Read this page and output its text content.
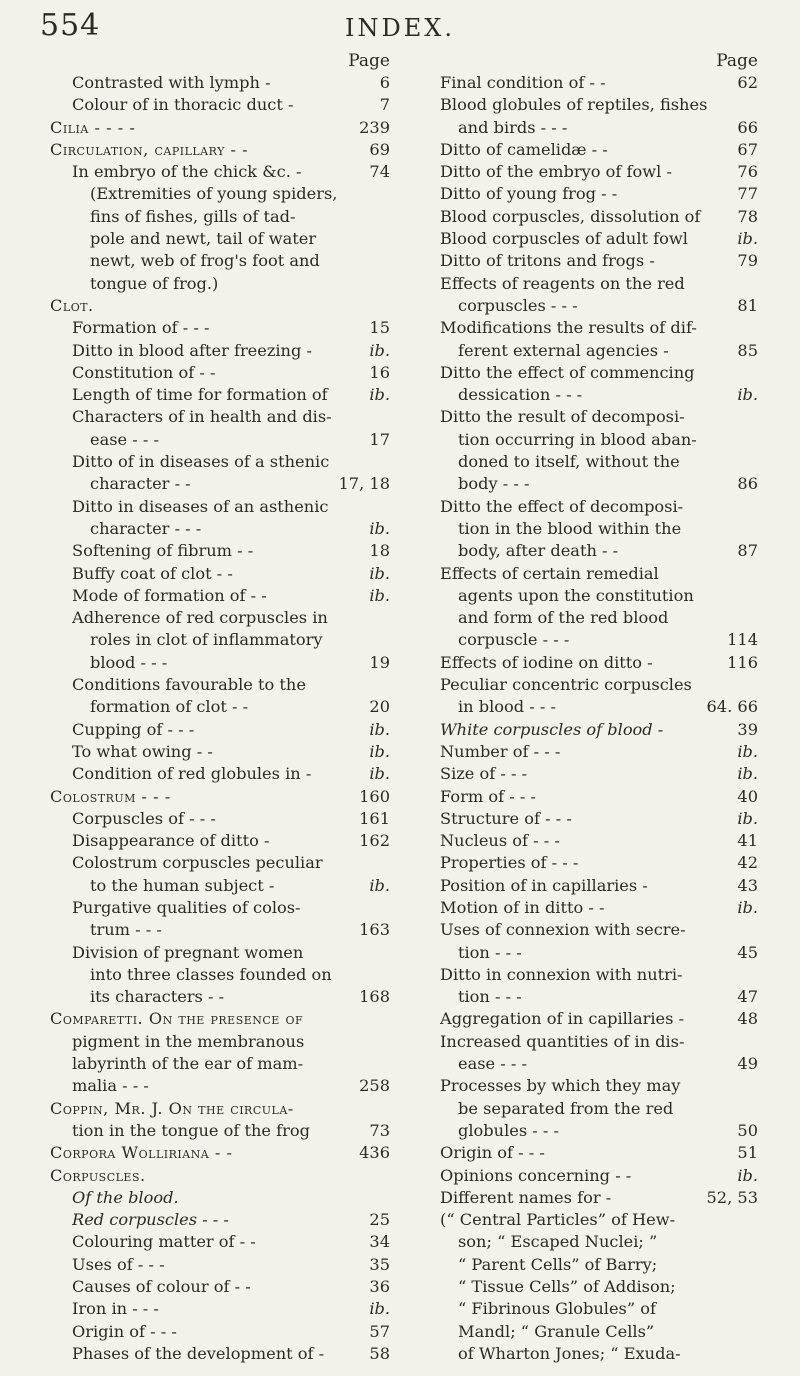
554	INDEX.
Page
Contrasted with lymph -	6
Colour of in thoracic duct -	7
Cilia - - - -	239
Circulation, capillary - -	69
In embryo of the chick &c. -	74
(Extremities of young spiders,
fins of fishes, gills of tad-
pole and newt, tail of water
newt, web of frog's foot and
tongue of frog.)
Clot.
Formation of - - -	15
Ditto in blood after freezing -	ib.
Constitution of - -	16
Length of time for formation of	ib.
Characters of in health and dis-
ease - - -	17
Ditto of in diseases of a sthenic
character - -	17, 18
Ditto in diseases of an asthenic
character - - -	ib.
Softening of fibrum - -	18
Buffy coat of clot - -	ib.
Mode of formation of - -	ib.
Adherence of red corpuscles in
roles in clot of inflammatory
blood - - -	19
Conditions favourable to the
formation of clot - -	20
Cupping of - - -	ib.
To what owing - -	ib.
Condition of red globules in -	ib.
Colostrum - - -	160
Corpuscles of - - -	161
Disappearance of ditto -	162
Colostrum corpuscles peculiar
to the human subject -	ib.
Purgative qualities of colos-
trum - - -	163
Division of pregnant women
into three classes founded on
its characters - -	168
Comparetti. On the presence of
pigment in the membranous
labyrinth of the ear of mam-
malia - - -	258
Coppin, Mr. J. On the circula-
tion in the tongue of the frog	73
Corpora Wolliriana - -	436
Corpuscles.
Of the blood.
Red corpuscles - - -	25
Colouring matter of - -	34
Uses of - - -	35
Causes of colour of - -	36
Iron in - - -	ib.
Origin of - - -	57
Phases of the development of -	58
Page
Final condition of - -	62
Blood globules of reptiles, fishes
and birds - - -	66
Ditto of camelidæ - -	67
Ditto of the embryo of fowl -	76
Ditto of young frog - -	77
Blood corpuscles, dissolution of	78
Blood corpuscles of adult fowl	ib.
Ditto of tritons and frogs -	79
Effects of reagents on the red
corpuscles - - -	81
Modifications the results of dif-
ferent external agencies -	85
Ditto the effect of commencing
dessication - - -	ib.
Ditto the result of decomposi-
tion occurring in blood aban-
doned to itself, without the
body - - -	86
Ditto the effect of decomposi-
tion in the blood within the
body, after death - -	87
Effects of certain remedial
agents upon the constitution
and form of the red blood
corpuscle - - -	114
Effects of iodine on ditto -	116
Peculiar concentric corpuscles
in blood - - -	64. 66
White corpuscles of blood -	39
Number of - - -	ib.
Size of - - -	ib.
Form of - - -	40
Structure of - - -	ib.
Nucleus of - - -	41
Properties of - - -	42
Position of in capillaries -	43
Motion of in ditto - -	ib.
Uses of connexion with secre-
tion - - -	45
Ditto in connexion with nutri-
tion - - -	47
Aggregation of in capillaries -	48
Increased quantities of in dis-
ease - - -	49
Processes by which they may
be separated from the red
globules - - -	50
Origin of - - -	51
Opinions concerning - -	ib.
Different names for -	52, 53
(“ Central Particles” of Hew-
son; “ Escaped Nuclei; ”
“ Parent Cells” of Barry;
“ Tissue Cells” of Addison;
“ Fibrinous Globules” of
Mandl; “ Granule Cells”
of Wharton Jones; “ Exuda-
